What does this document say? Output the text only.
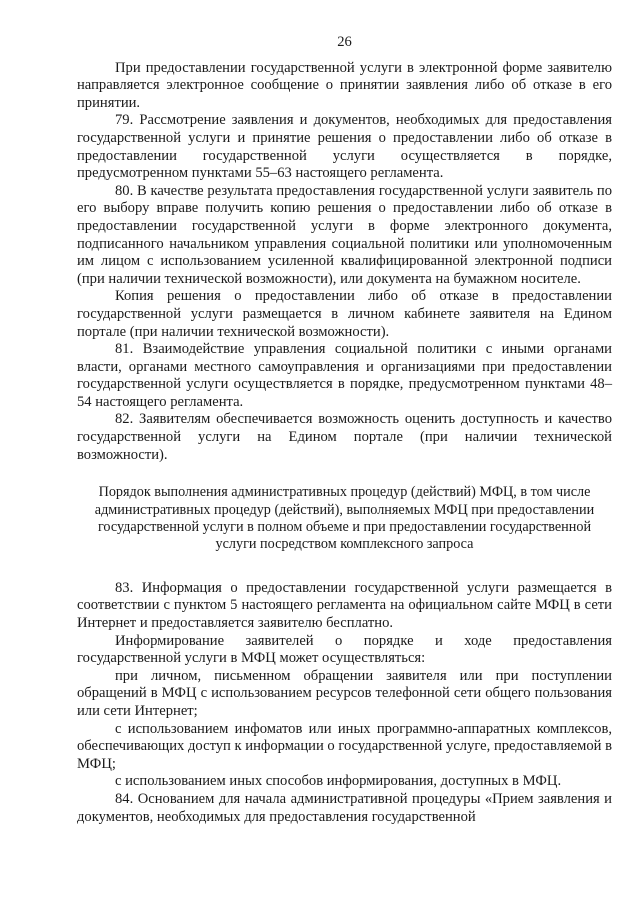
26

При предоставлении государственной услуги в электронной форме заявителю направляется электронное сообщение о принятии заявления либо об отказе в его принятии.

79. Рассмотрение заявления и документов, необходимых для предоставления государственной услуги и принятие решения о предоставлении либо об отказе в предоставлении государственной услуги осуществляется в порядке, предусмотренном пунктами 55–63 настоящего регламента.

80. В качестве результата предоставления государственной услуги заявитель по его выбору вправе получить копию решения о предоставлении либо об отказе в предоставлении государственной услуги в форме электронного документа, подписанного начальником управления социальной политики или уполномоченным им лицом с использованием усиленной квалифицированной электронной подписи (при наличии технической возможности), или документа на бумажном носителе.

Копия решения о предоставлении либо об отказе в предоставлении государственной услуги размещается в личном кабинете заявителя на Едином портале (при наличии технической возможности).

81. Взаимодействие управления социальной политики с иными органами власти, органами местного самоуправления и организациями при предоставлении государственной услуги осуществляется в порядке, предусмотренном пунктами 48–54 настоящего регламента.

82. Заявителям обеспечивается возможность оценить доступность и качество государственной услуги на Едином портале (при наличии технической возможности).

Порядок выполнения административных процедур (действий) МФЦ, в том числе административных процедур (действий), выполняемых МФЦ при предоставлении государственной услуги в полном объеме и при предоставлении государственной услуги посредством комплексного запроса

83. Информация о предоставлении государственной услуги размещается в соответствии с пунктом 5 настоящего регламента на официальном сайте МФЦ в сети Интернет и предоставляется заявителю бесплатно.

Информирование заявителей о порядке и ходе предоставления государственной услуги в МФЦ может осуществляться:

при личном, письменном обращении заявителя или при поступлении обращений в МФЦ с использованием ресурсов телефонной сети общего пользования или сети Интернет;

с использованием инфоматов или иных программно-аппаратных комплексов, обеспечивающих доступ к информации о государственной услуге, предоставляемой в МФЦ;

с использованием иных способов информирования, доступных в МФЦ.

84. Основанием для начала административной процедуры «Прием заявления и документов, необходимых для предоставления государственной
